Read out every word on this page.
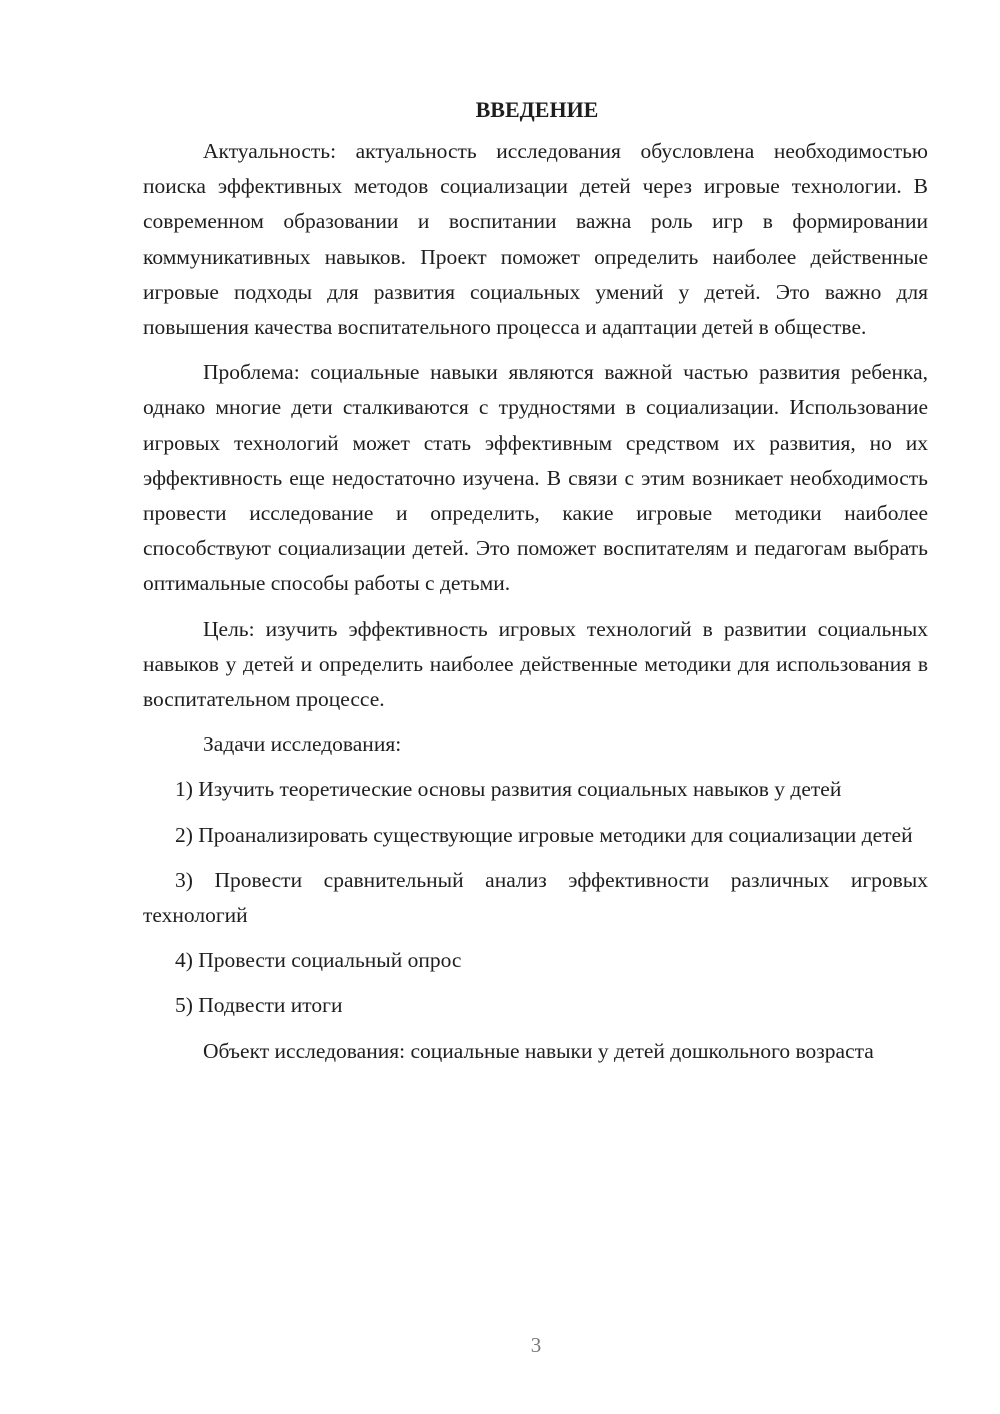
ВВЕДЕНИЕ

Актуальность: актуальность исследования обусловлена необходимостью поиска эффективных методов социализации детей через игровые технологии. В современном образовании и воспитании важна роль игр в формировании коммуникативных навыков. Проект поможет определить наиболее действенные игровые подходы для развития социальных умений у детей. Это важно для повышения качества воспитательного процесса и адаптации детей в обществе.

Проблема: социальные навыки являются важной частью развития ребенка, однако многие дети сталкиваются с трудностями в социализации. Использование игровых технологий может стать эффективным средством их развития, но их эффективность еще недостаточно изучена. В связи с этим возникает необходимость провести исследование и определить, какие игровые методики наиболее способствуют социализации детей. Это поможет воспитателям и педагогам выбрать оптимальные способы работы с детьми.

Цель: изучить эффективность игровых технологий в развитии социальных навыков у детей и определить наиболее действенные методики для использования в воспитательном процессе.

Задачи исследования:

1) Изучить теоретические основы развития социальных навыков у детей

2) Проанализировать существующие игровые методики для социализации детей

3) Провести сравнительный анализ эффективности различных игровых технологий

4) Провести социальный опрос

5) Подвести итоги

Объект исследования: социальные навыки у детей дошкольного возраста

3
